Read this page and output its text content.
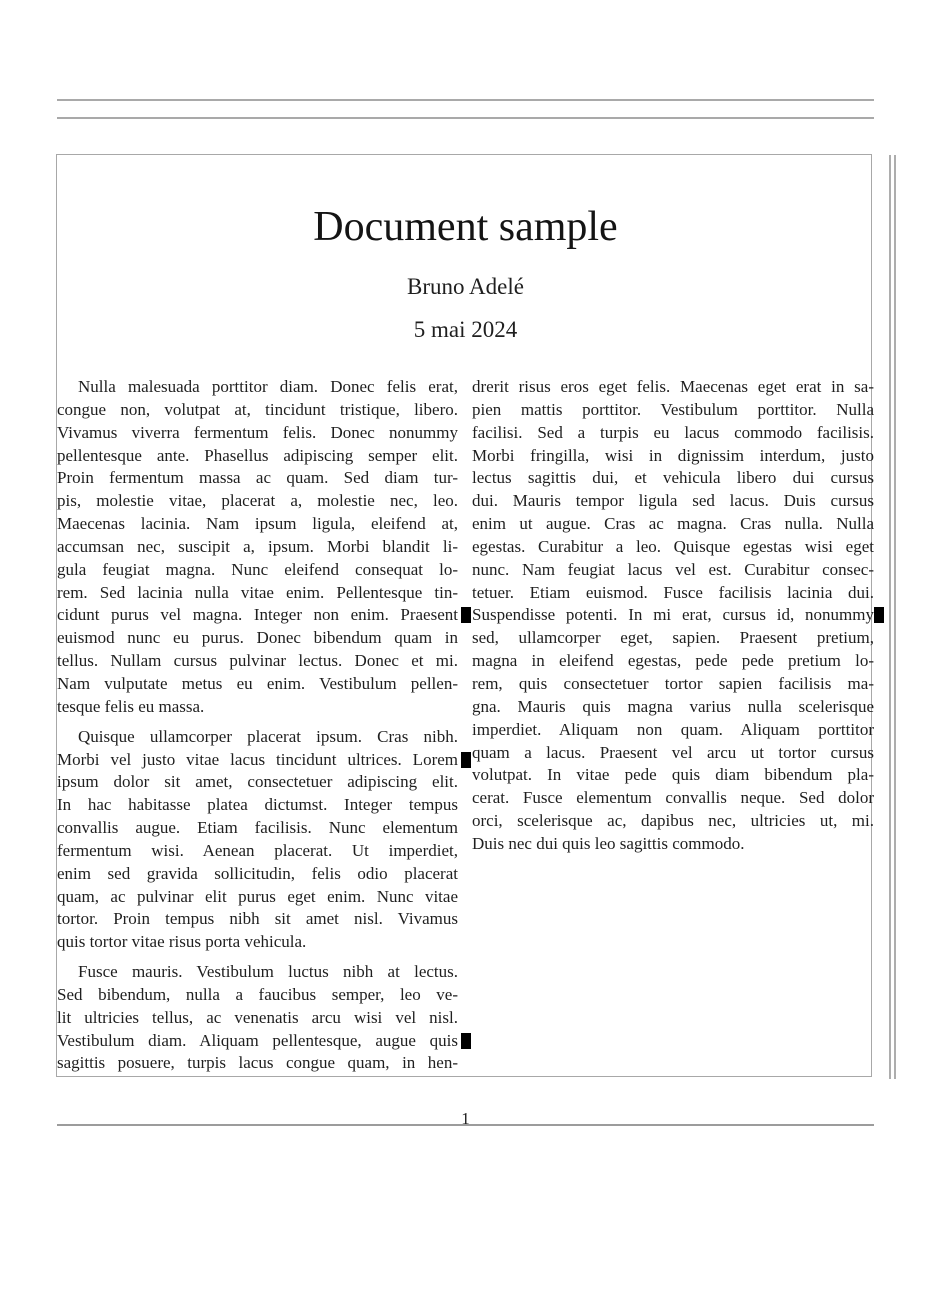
Document sample
Bruno Adelé
5 mai 2024
Nulla malesuada porttitor diam. Donec felis erat,
congue non, volutpat at, tincidunt tristique, libero.
Vivamus viverra fermentum felis. Donec nonummy
pellentesque ante. Phasellus adipiscing semper elit.
Proin fermentum massa ac quam. Sed diam tur-
pis, molestie vitae, placerat a, molestie nec, leo.
Maecenas lacinia. Nam ipsum ligula, eleifend at,
accumsan nec, suscipit a, ipsum. Morbi blandit li-
gula feugiat magna. Nunc eleifend consequat lo-
rem. Sed lacinia nulla vitae enim. Pellentesque tin-
cidunt purus vel magna. Integer non enim. Praesent
euismod nunc eu purus. Donec bibendum quam in
tellus. Nullam cursus pulvinar lectus. Donec et mi.
Nam vulputate metus eu enim. Vestibulum pellen-
tesque felis eu massa.
Quisque ullamcorper placerat ipsum. Cras nibh.
Morbi vel justo vitae lacus tincidunt ultrices. Lorem
ipsum dolor sit amet, consectetuer adipiscing elit.
In hac habitasse platea dictumst. Integer tempus
convallis augue. Etiam facilisis. Nunc elementum
fermentum wisi. Aenean placerat. Ut imperdiet,
enim sed gravida sollicitudin, felis odio placerat
quam, ac pulvinar elit purus eget enim. Nunc vitae
tortor. Proin tempus nibh sit amet nisl. Vivamus
quis tortor vitae risus porta vehicula.
Fusce mauris. Vestibulum luctus nibh at lectus.
Sed bibendum, nulla a faucibus semper, leo ve-
lit ultricies tellus, ac venenatis arcu wisi vel nisl.
Vestibulum diam. Aliquam pellentesque, augue quis
sagittis posuere, turpis lacus congue quam, in hen-
drerit risus eros eget felis. Maecenas eget erat in sa-
pien mattis porttitor. Vestibulum porttitor. Nulla
facilisi. Sed a turpis eu lacus commodo facilisis.
Morbi fringilla, wisi in dignissim interdum, justo
lectus sagittis dui, et vehicula libero dui cursus
dui. Mauris tempor ligula sed lacus. Duis cursus
enim ut augue. Cras ac magna. Cras nulla. Nulla
egestas. Curabitur a leo. Quisque egestas wisi eget
nunc. Nam feugiat lacus vel est. Curabitur consec-
tetuer. Etiam euismod. Fusce facilisis lacinia dui.
Suspendisse potenti. In mi erat, cursus id, nonummy
sed, ullamcorper eget, sapien. Praesent pretium,
magna in eleifend egestas, pede pede pretium lo-
rem, quis consectetuer tortor sapien facilisis ma-
gna. Mauris quis magna varius nulla scelerisque
imperdiet. Aliquam non quam. Aliquam porttitor
quam a lacus. Praesent vel arcu ut tortor cursus
volutpat. In vitae pede quis diam bibendum pla-
cerat. Fusce elementum convallis neque. Sed dolor
orci, scelerisque ac, dapibus nec, ultricies ut, mi.
Duis nec dui quis leo sagittis commodo.
1
